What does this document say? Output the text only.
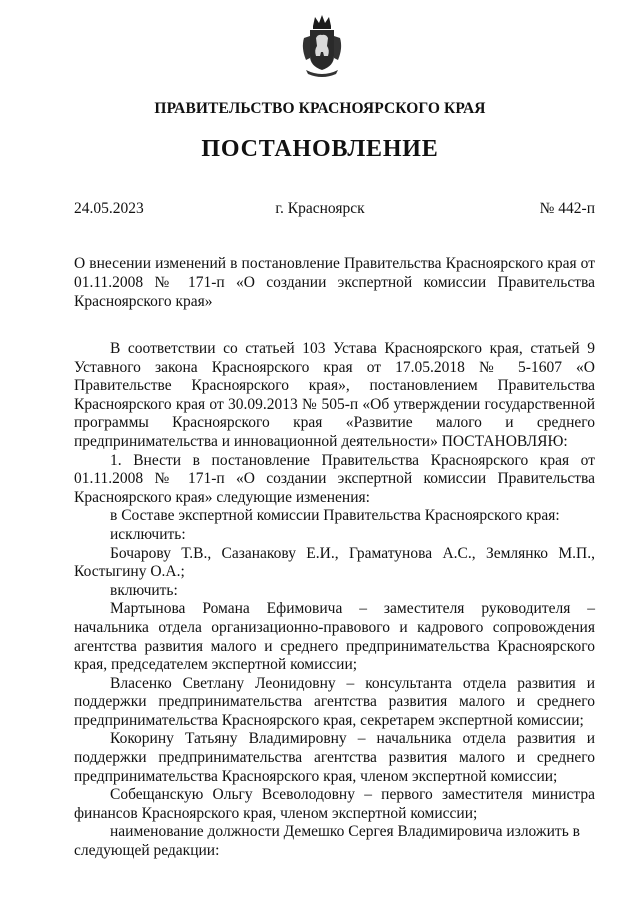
ПРАВИТЕЛЬСТВО КРАСНОЯРСКОГО КРАЯ
ПОСТАНОВЛЕНИЕ
24.05.2023	г. Красноярск	№ 442-п

О внесении изменений в постановление Правительства Красноярского края от 01.11.2008 № 171-п «О создании экспертной комиссии Правительства Красноярского края»

В соответствии со статьей 103 Устава Красноярского края, статьей 9 Уставного закона Красноярского края от 17.05.2018 № 5-1607 «О Правительстве Красноярского края», постановлением Правительства Красноярского края от 30.09.2013 № 505-п «Об утверждении государственной программы Красноярского края «Развитие малого и среднего предпринимательства и инновационной деятельности» ПОСТАНОВЛЯЮ:

1. Внести в постановление Правительства Красноярского края от 01.11.2008 № 171-п «О создании экспертной комиссии Правительства Красноярского края» следующие изменения:

в Составе экспертной комиссии Правительства Красноярского края:

исключить:

Бочарову Т.В., Сазанакову Е.И., Граматунова А.С., Землянко М.П., Костыгину О.А.;

включить:

Мартынова Романа Ефимовича – заместителя руководителя – начальника отдела организационно-правового и кадрового сопровождения агентства развития малого и среднего предпринимательства Красноярского края, председателем экспертной комиссии;

Власенко Светлану Леонидовну – консультанта отдела развития и поддержки предпринимательства агентства развития малого и среднего предпринимательства Красноярского края, секретарем экспертной комиссии;

Кокорину Татьяну Владимировну – начальника отдела развития и поддержки предпринимательства агентства развития малого и среднего предпринимательства Красноярского края, членом экспертной комиссии;

Собещанскую Ольгу Всеволодовну – первого заместителя министра финансов Красноярского края, членом экспертной комиссии;

наименование должности Демешко Сергея Владимировича изложить в следующей редакции:
